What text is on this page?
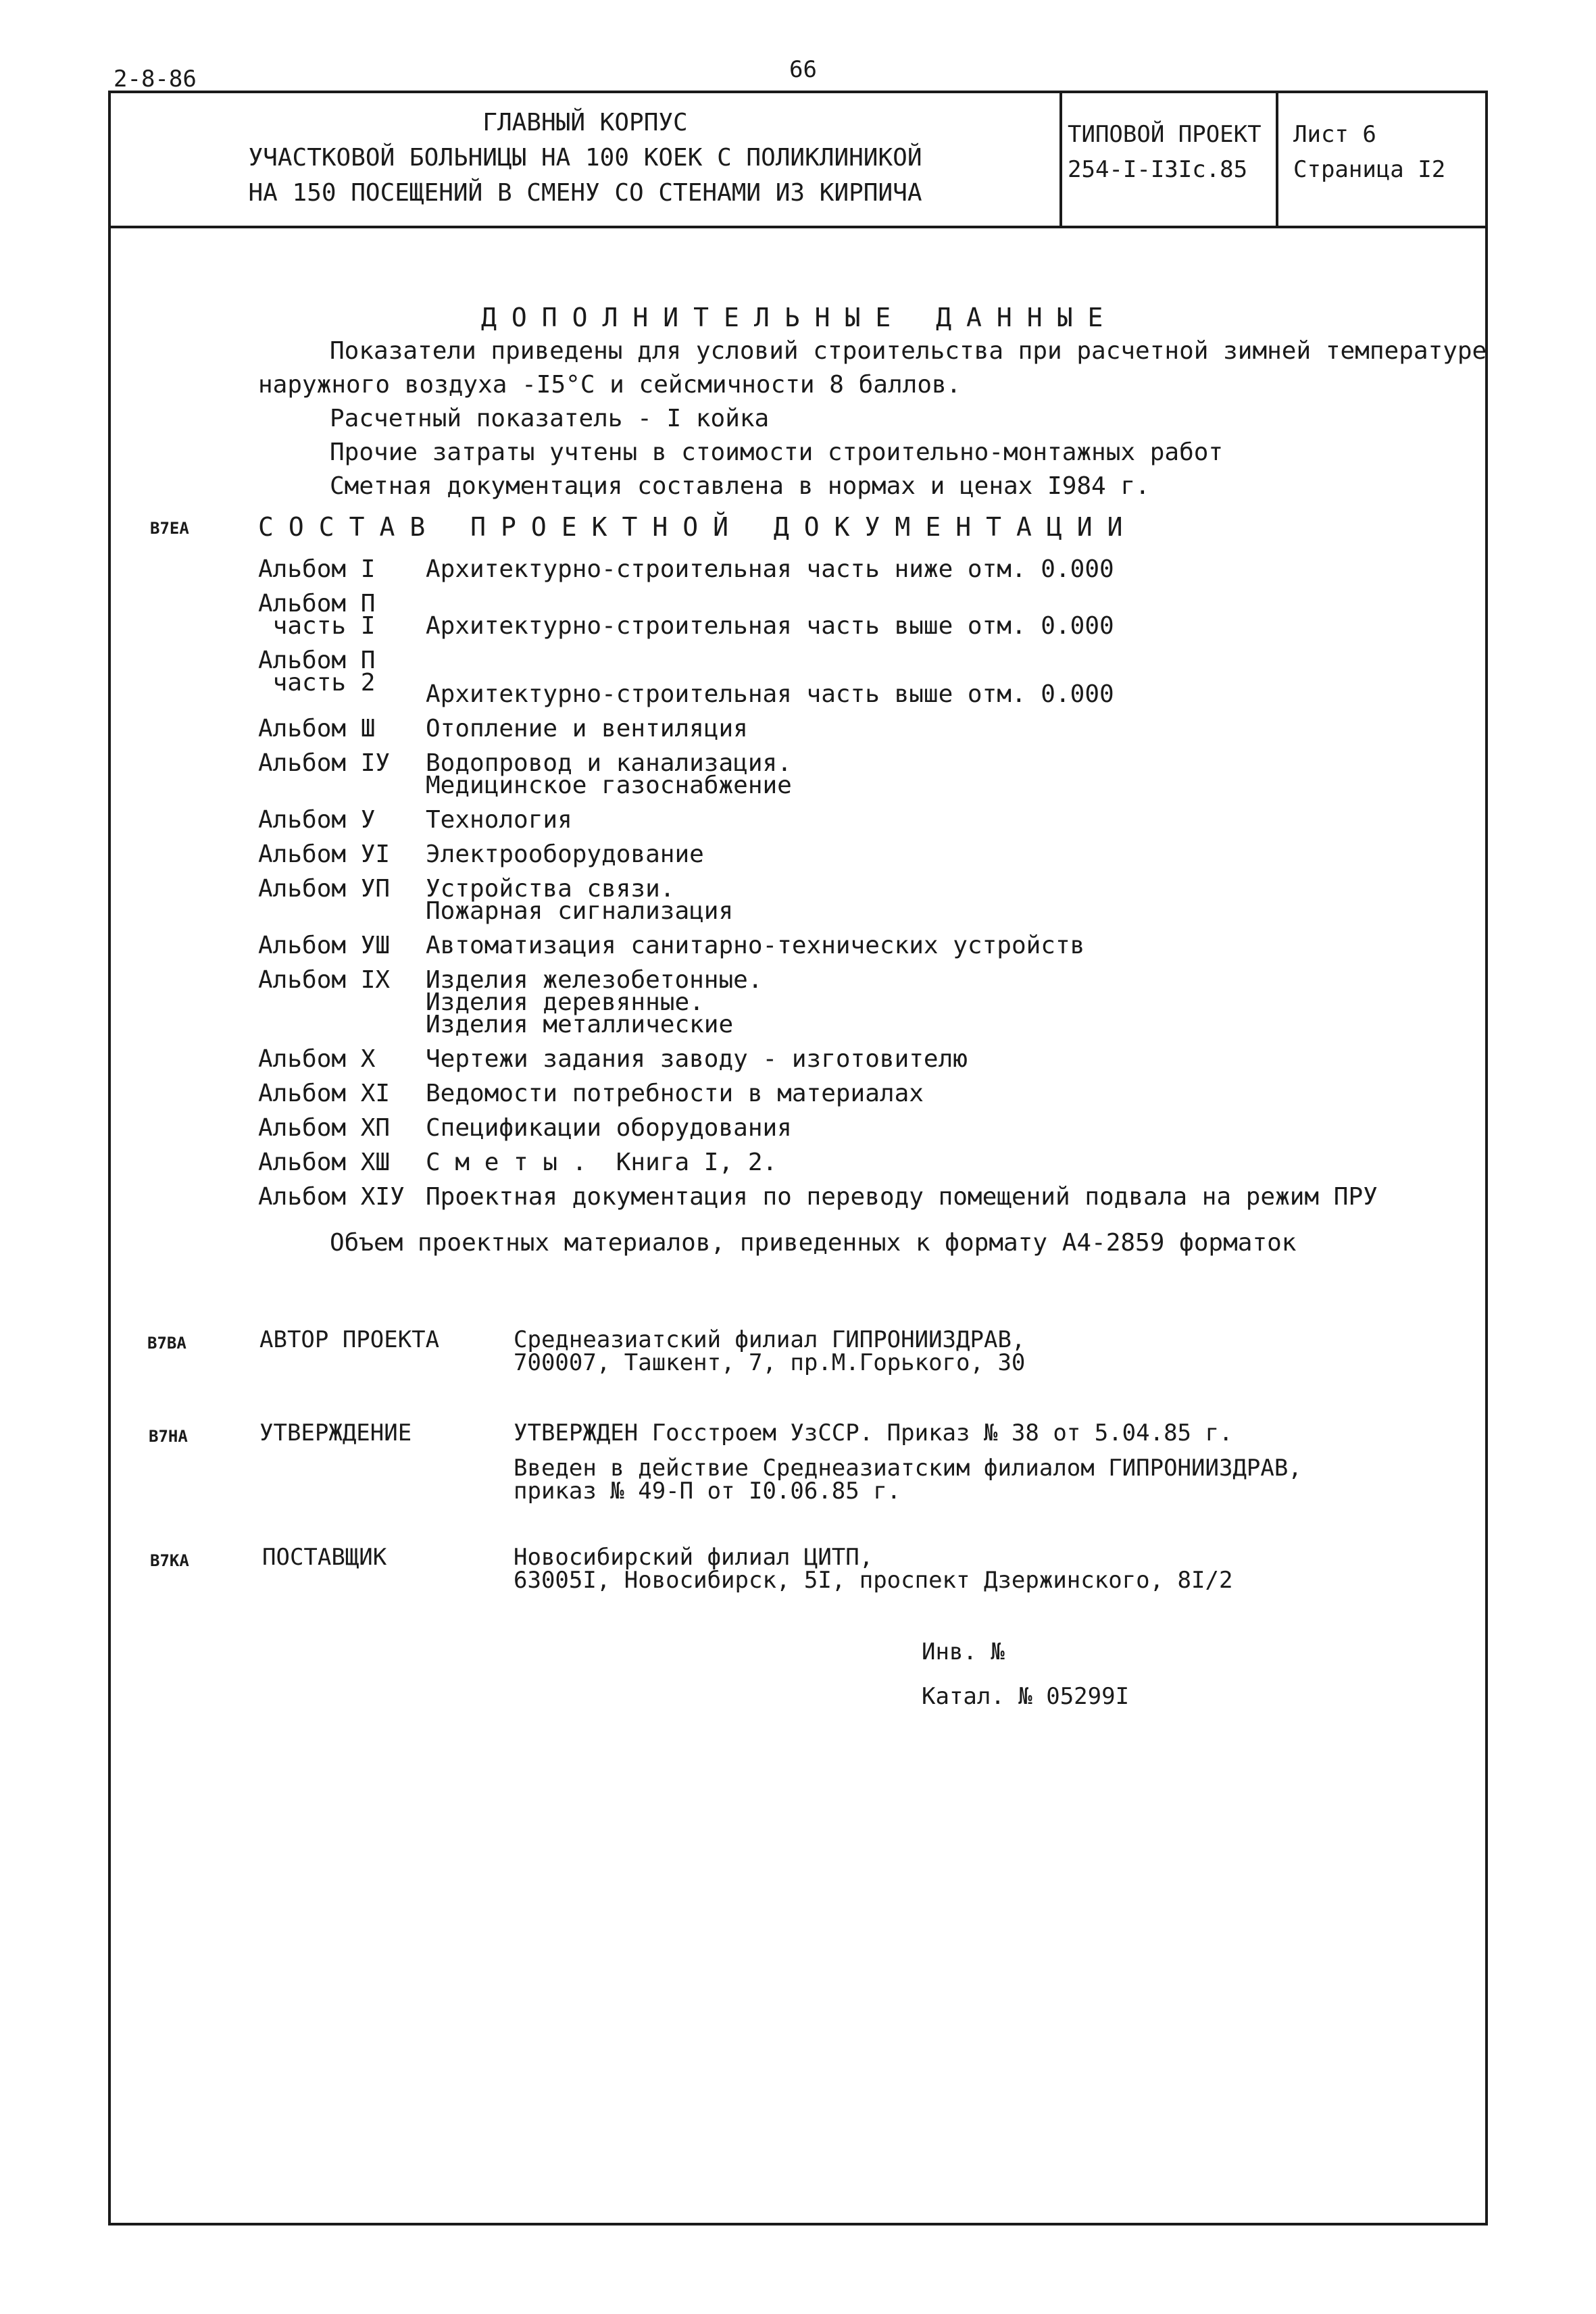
2-8-86	66
ГЛАВНЫЙ КОРПУС
УЧАСТКОВОЙ БОЛЬНИЦЫ НА 100 КОЕК С ПОЛИКЛИНИКОЙ
НА 150 ПОСЕЩЕНИЙ В СМЕНУ СО СТЕНАМИ ИЗ КИРПИЧА
ТИПОВОЙ ПРОЕКТ
254-I-I3Ic.85
Лист 6
Страница I2
ДОПОЛНИТЕЛЬНЫЕ ДАННЫЕ
Показатели приведены для условий строительства при расчетной зимней температуре
наружного воздуха -I5°C и сейсмичности 8 баллов.
Расчетный показатель - I койка
Прочие затраты учтены в стоимости строительно-монтажных работ
Сметная документация составлена в нормах и ценах I984 г.
B7EA	СОСТАВ ПРОЕКТНОЙ ДОКУМЕНТАЦИИ
Альбом I Архитектурно-строительная часть ниже отм. 0.000
Альбом П
часть I Архитектурно-строительная часть выше отм. 0.000
Альбом П
часть 2 Архитектурно-строительная часть выше отм. 0.000
Альбом Ш Отопление и вентиляция
Альбом IУ Водопровод и канализация.
Медицинское газоснабжение
Альбом У Технология
Альбом УI Электрооборудование
Альбом УП Устройства связи.
Пожарная сигнализация
Альбом УШ Автоматизация санитарно-технических устройств
Альбом IX Изделия железобетонные.
Изделия деревянные.
Изделия металлические
Альбом X Чертежи задания заводу - изготовителю
Альбом XI Ведомости потребности в материалах
Альбом XП Спецификации оборудования
Альбом XШ С м е т ы .  Книга I, 2.
Альбом XIУ Проектная документация по переводу помещений подвала на режим ПРУ
Объем проектных материалов, приведенных к формату А4-2859 форматок
B7BA	АВТОР ПРОЕКТА	Среднеазиатский филиал ГИПРОНИИЗДРАВ,
700007, Ташкент, 7, пр.М.Горького, 30
B7HA	УТВЕРЖДЕНИЕ	УТВЕРЖДЕН Госстроем УзССР. Приказ № 38 от 5.04.85 г.
Введен в действие Среднеазиатским филиалом ГИПРОНИИЗДРАВ,
приказ № 49-П от I0.06.85 г.
B7KA	ПОСТАВЩИК	Новосибирский филиал ЦИТП,
63005I, Новосибирск, 5I, проспект Дзержинского, 8I/2
Инв. №
Катал. № 05299I
